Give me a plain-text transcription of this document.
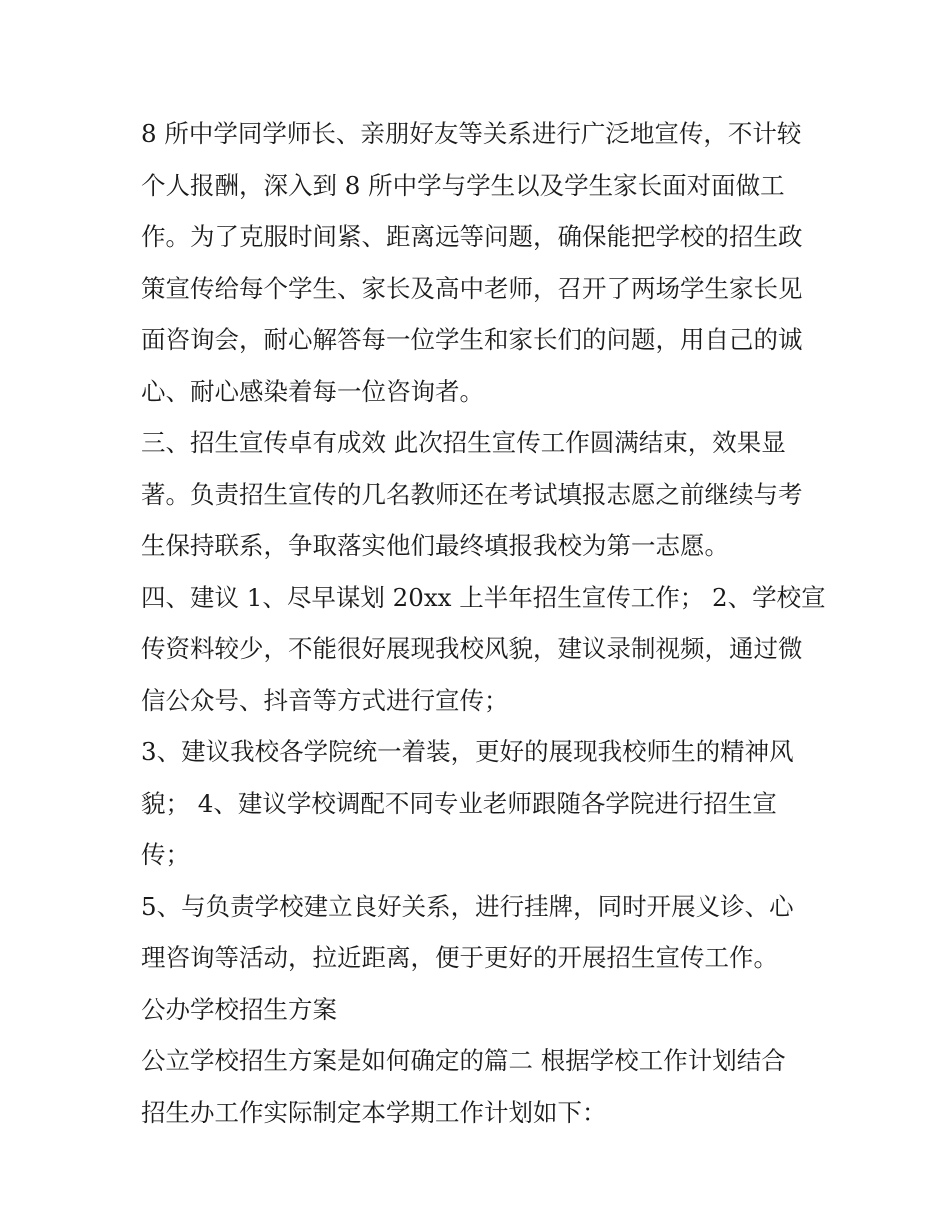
8 所中学同学师长、亲朋好友等关系进行广泛地宣传，不计较
个人报酬，深入到 8 所中学与学生以及学生家长面对面做工
作。为了克服时间紧、距离远等问题，确保能把学校的招生政
策宣传给每个学生、家长及高中老师，召开了两场学生家长见
面咨询会，耐心解答每一位学生和家长们的问题，用自己的诚
心、耐心感染着每一位咨询者。
三、招生宣传卓有成效 此次招生宣传工作圆满结束，效果显
著。负责招生宣传的几名教师还在考试填报志愿之前继续与考
生保持联系，争取落实他们最终填报我校为第一志愿。
四、建议 1、尽早谋划 20xx 上半年招生宣传工作； 2、学校宣
传资料较少，不能很好展现我校风貌，建议录制视频，通过微
信公众号、抖音等方式进行宣传；
3、建议我校各学院统一着装，更好的展现我校师生的精神风
貌； 4、建议学校调配不同专业老师跟随各学院进行招生宣
传；
5、与负责学校建立良好关系，进行挂牌，同时开展义诊、心
理咨询等活动，拉近距离，便于更好的开展招生宣传工作。
公办学校招生方案
公立学校招生方案是如何确定的篇二 根据学校工作计划结合
招生办工作实际制定本学期工作计划如下：
